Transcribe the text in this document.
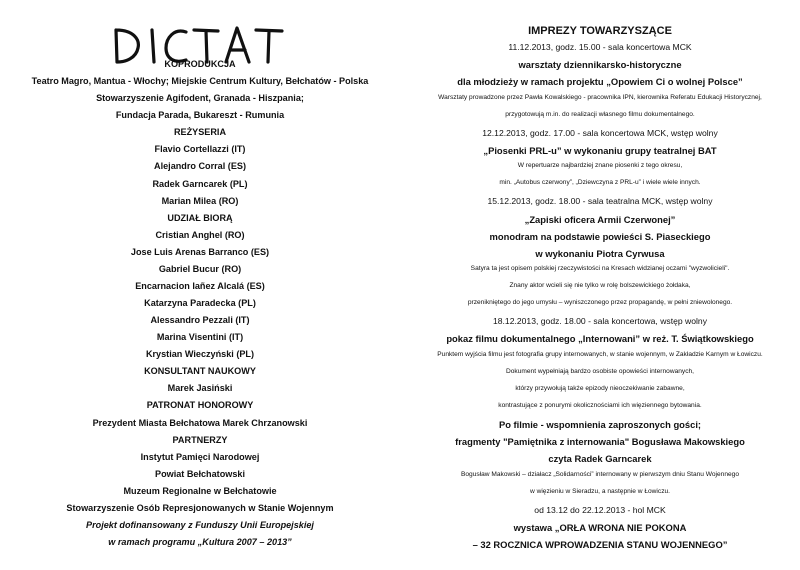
KOPRODUKCJA
Teatro Magro, Mantua - Włochy; Miejskie Centrum Kultury, Bełchatów - Polska
Stowarzyszenie Agifodent, Granada - Hiszpania;
Fundacja Parada, Bukareszt - Rumunia
REŻYSERIA
Flavio Cortellazzi (IT)
Alejandro Corral (ES)
Radek Garncarek (PL)
Marian Milea (RO)
UDZIAŁ BIORĄ
Cristian Anghel (RO)
Jose Luis Arenas Barranco (ES)
Gabriel Bucur (RO)
Encarnacion Iañez Alcalá (ES)
Katarzyna Paradecka (PL)
Alessandro Pezzali (IT)
Marina Visentini (IT)
Krystian Wieczyński (PL)
KONSULTANT NAUKOWY
Marek Jasiński
PATRONAT HONOROWY
Prezydent Miasta Bełchatowa Marek Chrzanowski
PARTNERZY
Instytut Pamięci Narodowej
Powiat Bełchatowski
Muzeum Regionalne w Bełchatowie
Stowarzyszenie Osób Represjonowanych w Stanie Wojennym
Projekt dofinansowany z Funduszy Unii Europejskiej
w ramach programu „Kultura 2007 – 2013”
IMPREZY TOWARZYSZĄCE
11.12.2013, godz. 15.00 - sala koncertowa MCK
warsztaty dziennikarsko-historyczne
dla młodzieży w ramach projektu „Opowiem Ci o wolnej Polsce”
Warsztaty prowadzone przez Pawła Kowalskiego - pracownika IPN, kierownika Referatu Edukacji Historycznej,
przygotowują m.in. do realizacji własnego filmu dokumentalnego.
12.12.2013, godz. 17.00 - sala koncertowa MCK, wstęp wolny
„Piosenki PRL-u” w wykonaniu grupy teatralnej BAT
W repertuarze najbardziej znane piosenki z tego okresu,
min. „Autobus czerwony”, „Dziewczyna z PRL-u” i wiele wiele innych.
15.12.2013, godz. 18.00 - sala teatralna MCK, wstęp wolny
„Zapiski oficera Armii Czerwonej”
monodram na podstawie powieści S. Piaseckiego
w wykonaniu Piotra Cyrwusa
Satyra ta jest opisem polskiej rzeczywistości na Kresach widzianej oczami "wyzwolicieli".
Znany aktor wcieli się nie tylko w rolę bolszewickiego żołdaka,
przenikniętego do jego umysłu – wyniszczonego przez propagandę, w pełni zniewolonego.
18.12.2013, godz. 18.00 - sala koncertowa, wstęp wolny
pokaz filmu dokumentalnego „Internowani” w reż. T. Świątkowskiego
Punktem wyjścia filmu jest fotografia grupy internowanych, w stanie wojennym, w Zakładzie Karnym w Łowiczu.
Dokument wypełniają bardzo osobiste opowieści internowanych,
którzy przywołują także epizody nieoczekiwanie zabawne,
kontrastujące z ponurymi okolicznościami ich więziennego bytowania.
Po filmie - wspomnienia zaproszonych gości;
fragmenty "Pamiętnika z internowania" Bogusława Makowskiego
czyta Radek Garncarek
Bogusław Makowski – działacz „Solidarności” internowany w pierwszym dniu Stanu Wojennego
w więzieniu w Sieradzu, a następnie w Łowiczu.
od 13.12 do 22.12.2013 - hol MCK
wystawa „ORŁA WRONA NIE POKONA
– 32 ROCZNICA WPROWADZENIA STANU WOJENNEGO”
